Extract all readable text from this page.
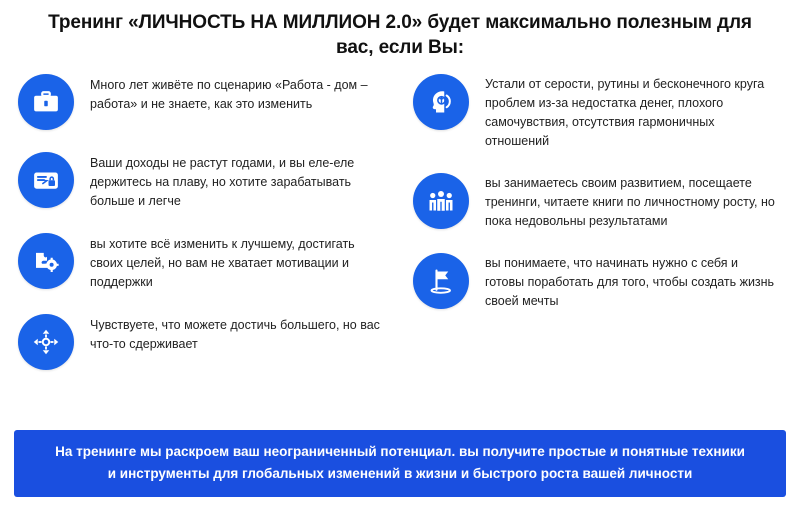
Тренинг «ЛИЧНОСТЬ НА МИЛЛИОН 2.0» будет максимально полезным для вас, если Вы:
Много лет живёте по сценарию «Работа - дом – работа» и не знаете, как это изменить
Ваши доходы не растут годами, и вы еле-еле держитесь на плаву, но хотите зарабатывать больше и легче
вы хотите всё изменить к лучшему, достигать своих целей, но вам не хватает мотивации и поддержки
Чувствуете, что можете достичь большего, но вас что-то сдерживает
Устали от серости, рутины и бесконечного круга проблем из-за недостатка денег, плохого самочувствия, отсутствия гармоничных отношений
вы занимаетесь своим развитием, посещаете тренинги, читаете книги по личностному росту, но пока недовольны результатами
вы понимаете, что начинать нужно с себя и готовы поработать для того, чтобы создать жизнь своей мечты
На тренинге мы раскроем ваш неограниченный потенциал. вы получите простые и понятные техники
и инструменты для глобальных изменений в жизни и быстрого роста вашей личности
